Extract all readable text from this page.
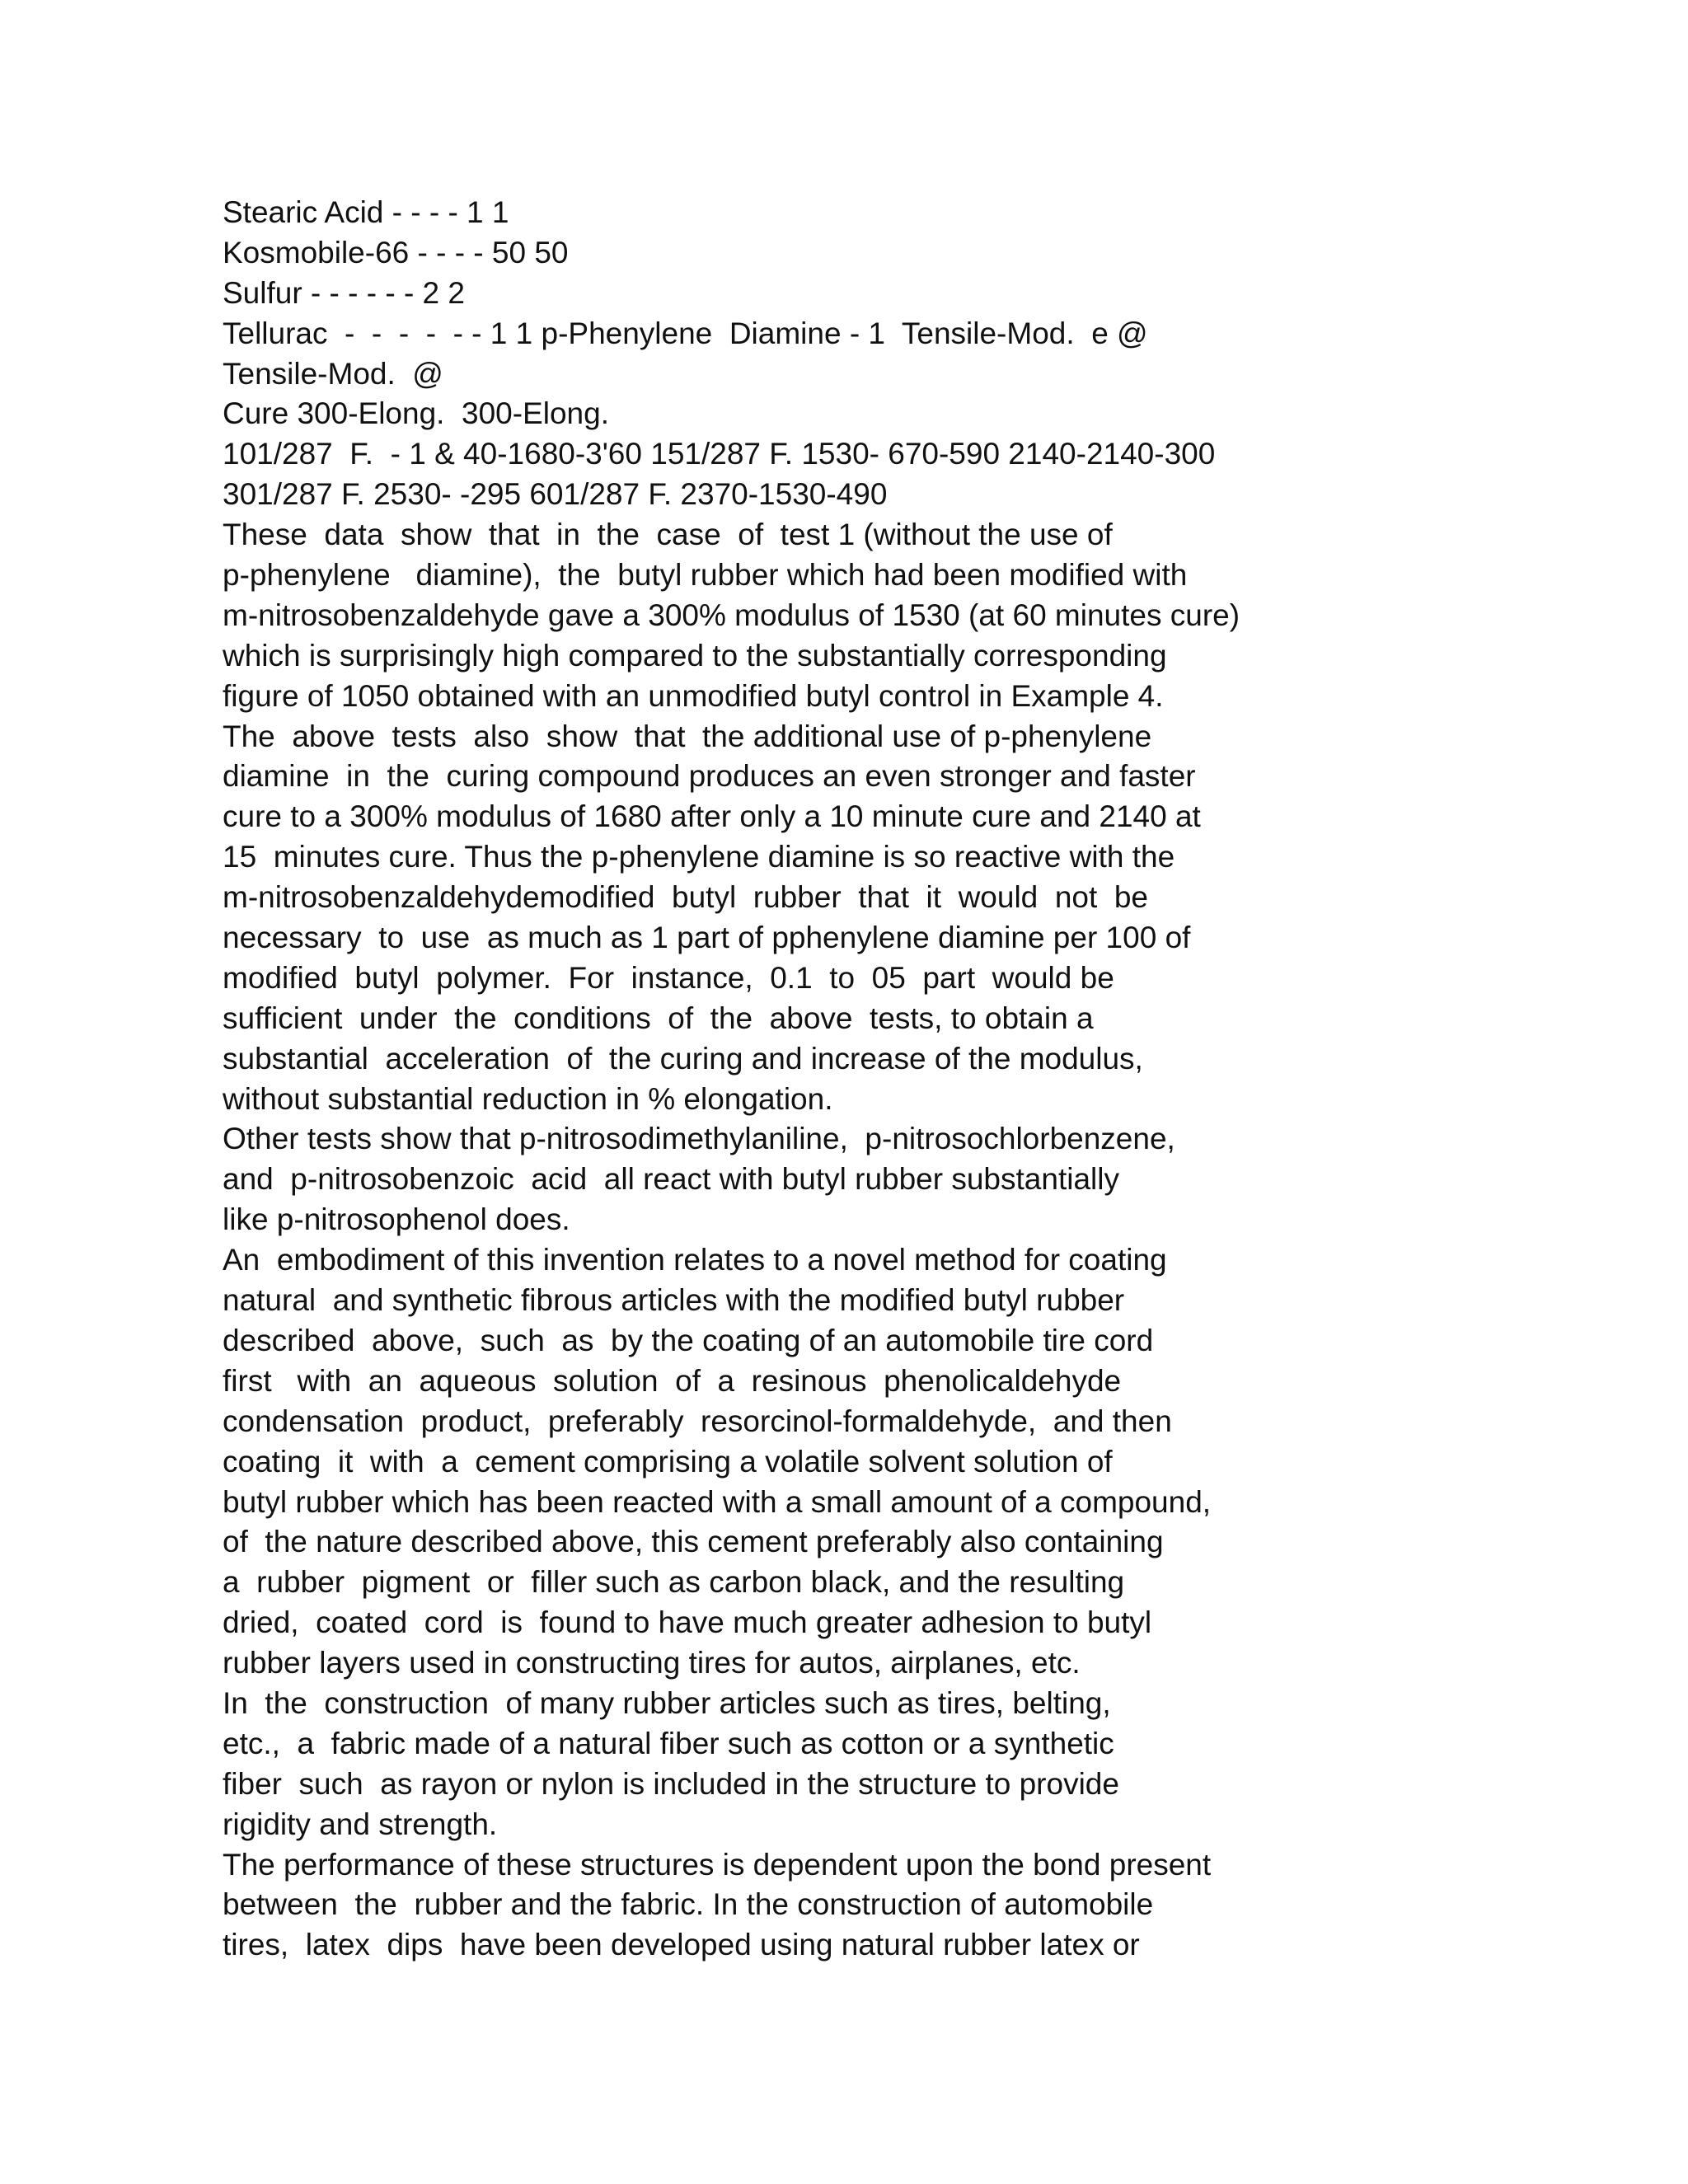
Stearic Acid - - - - 1 1
Kosmobile-66 - - - - 50 50
Sulfur - - - - - - 2 2
Tellurac  -  -  -  -  - - 1 1 p-Phenylene  Diamine - 1  Tensile-Mod.  e @
Tensile-Mod.  @
Cure 300-Elong.  300-Elong.
101/287  F.  - 1 & 40-1680-3'60 151/287 F. 1530- 670-590 2140-2140-300
301/287 F. 2530- -295 601/287 F. 2370-1530-490
These  data  show  that  in  the  case  of  test 1 (without the use of
p-phenylene   diamine),  the  butyl rubber which had been modified with
m-nitrosobenzaldehyde gave a 300% modulus of 1530 (at 60 minutes cure)
which is surprisingly high compared to the substantially corresponding
figure of 1050 obtained with an unmodified butyl control in Example 4.
The  above  tests  also  show  that  the additional use of p-phenylene
diamine  in  the  curing compound produces an even stronger and faster
cure to a 300% modulus of 1680 after only a 10 minute cure and 2140 at
15  minutes cure. Thus the p-phenylene diamine is so reactive with the
m-nitrosobenzaldehydemodified  butyl  rubber  that  it  would  not  be
necessary  to  use  as much as 1 part of pphenylene diamine per 100 of
modified  butyl  polymer.  For  instance,  0.1  to  05  part  would be
sufficient  under  the  conditions  of  the  above  tests, to obtain a
substantial  acceleration  of  the curing and increase of the modulus,
without substantial reduction in % elongation.
Other tests show that p-nitrosodimethylaniline,  p-nitrosochlorbenzene,
and  p-nitrosobenzoic  acid  all react with butyl rubber substantially
like p-nitrosophenol does.
An  embodiment of this invention relates to a novel method for coating
natural  and synthetic fibrous articles with the modified butyl rubber
described  above,  such  as  by the coating of an automobile tire cord
first   with  an  aqueous  solution  of  a  resinous  phenolicaldehyde
condensation  product,  preferably  resorcinol-formaldehyde,  and then
coating  it  with  a  cement comprising a volatile solvent solution of
butyl rubber which has been reacted with a small amount of a compound,
of  the nature described above, this cement preferably also containing
a  rubber  pigment  or  filler such as carbon black, and the resulting
dried,  coated  cord  is  found to have much greater adhesion to butyl
rubber layers used in constructing tires for autos, airplanes, etc.
In  the  construction  of many rubber articles such as tires, belting,
etc.,  a  fabric made of a natural fiber such as cotton or a synthetic
fiber  such  as rayon or nylon is included in the structure to provide
rigidity and strength.
The performance of these structures is dependent upon the bond present
between  the  rubber and the fabric. In the construction of automobile
tires,  latex  dips  have been developed using natural rubber latex or
